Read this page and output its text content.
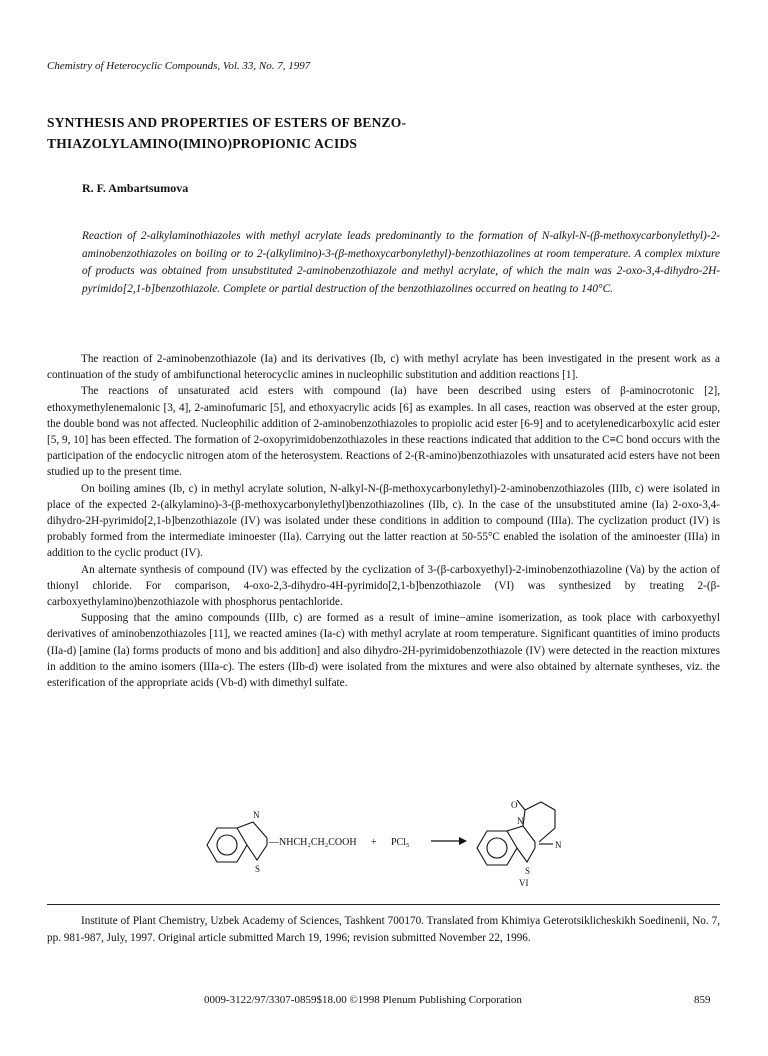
Chemistry of Heterocyclic Compounds, Vol. 33, No. 7, 1997
SYNTHESIS AND PROPERTIES OF ESTERS OF BENZO-
THIAZOLYLAMINO(IMINO)PROPIONIC ACIDS
R. F. Ambartsumova

Reaction of 2-alkylaminothiazoles with methyl acrylate leads predominantly to the formation of N-alkyl-N-(β-methoxycarbonylethyl)-2-aminobenzothiazoles on boiling or to 2-(alkylimino)-3-(β-methoxycarbonylethyl)-benzothiazolines at room temperature. A complex mixture of products was obtained from unsubstituted 2-aminobenzothiazole and methyl acrylate, of which the main was 2-oxo-3,4-dihydro-2H-pyrimido[2,1-b]benzothiazole. Complete or partial destruction of the benzothiazolines occurred on heating to 140°C.

The reaction of 2-aminobenzothiazole (Ia) and its derivatives (Ib, c) with methyl acrylate has been investigated in the present work as a continuation of the study of ambifunctional heterocyclic amines in nucleophilic substitution and addition reactions [1].

The reactions of unsaturated acid esters with compound (Ia) have been described using esters of β-aminocrotonic [2], ethoxymethylenemalonic [3, 4], 2-aminofumaric [5], and ethoxyacrylic acids [6] as examples. In all cases, reaction was observed at the ester group, the double bond was not affected. Nucleophilic addition of 2-aminobenzothiazoles to propiolic acid ester [6-9] and to acetylenedicarboxylic acid ester [5, 9, 10] has been effected. The formation of 2-oxopyrimidobenzothiazoles in these reactions indicated that addition to the C≡C bond occurs with the participation of the endocyclic nitrogen atom of the heterosystem. Reactions of 2-(R-amino)benzothiazoles with unsaturated acid esters have not been studied up to the present time.

On boiling amines (Ib, c) in methyl acrylate solution, N-alkyl-N-(β-methoxycarbonylethyl)-2-aminobenzothiazoles (IIIb, c) were isolated in place of the expected 2-(alkylamino)-3-(β-methoxycarbonylethyl)benzothiazolines (IIb, c). In the case of the unsubstituted amine (Ia) 2-oxo-3,4-dihydro-2H-pyrimido[2,1-b]benzothiazole (IV) was isolated under these conditions in addition to compound (IIIa). The cyclization product (IV) is probably formed from the intermediate iminoester (IIa). Carrying out the latter reaction at 50-55°C enabled the isolation of the aminoester (IIIa) in addition to the cyclic product (IV).

An alternate synthesis of compound (IV) was effected by the cyclization of 3-(β-carboxyethyl)-2-iminobenzothiazoline (Va) by the action of thionyl chloride. For comparison, 4-oxo-2,3-dihydro-4H-pyrimido[2,1-b]benzothiazole (VI) was synthesized by treating 2-(β-carboxyethylamino)benzothiazole with phosphorus pentachloride.

Supposing that the amino compounds (IIIb, c) are formed as a result of imine−amine isomerization, as took place with carboxyethyl derivatives of aminobenzothiazoles [11], we reacted amines (Ia-c) with methyl acrylate at room temperature. Significant quantities of imino products (IIa-d) [amine (Ia) forms products of mono and bis addition] and also dihydro-2H-pyrimidobenzothiazole (IV) were detected in the reaction mixtures in addition to the amino isomers (IIIa-c). The esters (IIb-d) were isolated from the mixtures and were also obtained by alternate syntheses, viz. the esterification of the appropriate acids (Vb-d) with dimethyl sulfate.

N
S
—NHCH₂CH₂COOH + PCl₅
O
N
N
S
VI

Institute of Plant Chemistry, Uzbek Academy of Sciences, Tashkent 700170. Translated from Khimiya Geterotsiklicheskikh Soedinenii, No. 7, pp. 981-987, July, 1997. Original article submitted March 19, 1996; revision submitted November 22, 1996.

0009-3122/97/3307-0859$18.00 ©1998 Plenum Publishing Corporation	859
